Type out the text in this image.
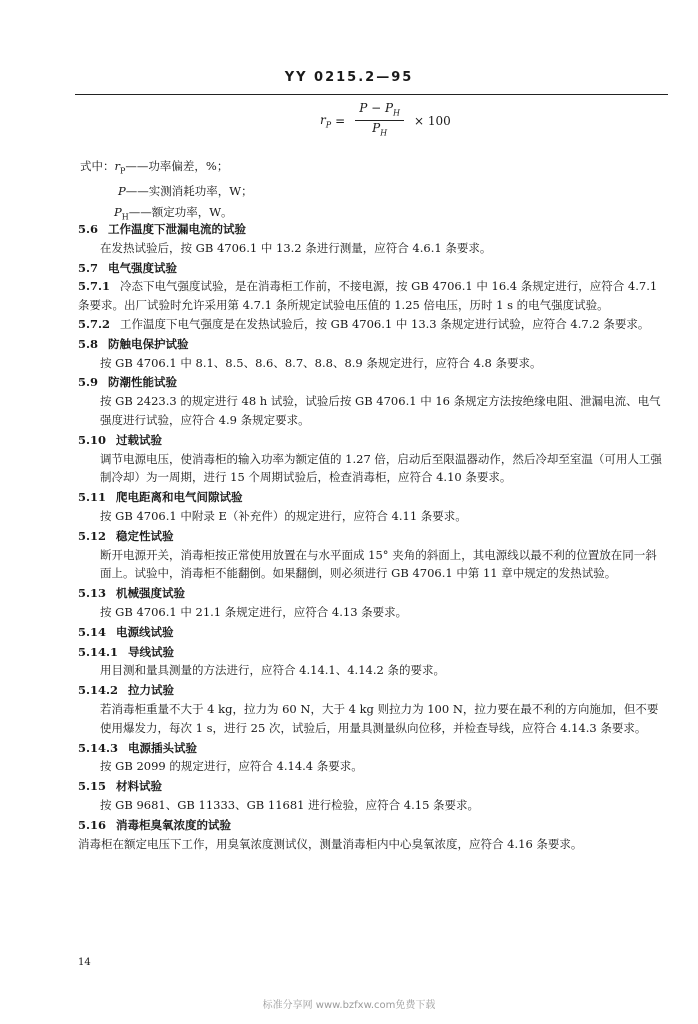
YY 0215.2—95
$r_P = \frac{P - P_H}{P_H} \times 100$
式中：$r_P——$功率偏差，%；
P——实测消耗功率，W；
$P_H——$额定功率，W。
5.6 工作温度下泄漏电流的试验
在发热试验后，按 GB 4706.1 中 13.2 条进行测量，应符合 4.6.1 条要求。
5.7 电气强度试验
5.7.1 冷态下电气强度试验，是在消毒柜工作前，不接电源，按 GB 4706.1 中 16.4 条规定进行，应符合 4.7.1 条要求。出厂试验时允许采用第 4.7.1 条所规定试验电压值的 1.25 倍电压，历时 1 s 的电气强度试验。
5.7.2 工作温度下电气强度是在发热试验后，按 GB 4706.1 中 13.3 条规定进行试验，应符合 4.7.2 条要求。
5.8 防触电保护试验
按 GB 4706.1 中 8.1、8.5、8.6、8.7、8.8、8.9 条规定进行，应符合 4.8 条要求。
5.9 防潮性能试验
按 GB 2423.3 的规定进行 48 h 试验，试验后按 GB 4706.1 中 16 条规定方法按绝缘电阻、泄漏电流、电气强度进行试验，应符合 4.9 条规定要求。
5.10 过载试验
调节电源电压，使消毒柜的输入功率为额定值的 1.27 倍，启动后至限温器动作，然后冷却至室温（可用人工强制冷却）为一周期，进行 15 个周期试验后，检查消毒柜，应符合 4.10 条要求。
5.11 爬电距离和电气间隙试验
按 GB 4706.1 中附录 E（补充件）的规定进行，应符合 4.11 条要求。
5.12 稳定性试验
断开电源开关，消毒柜按正常使用放置在与水平面成 15° 夹角的斜面上，其电源线以最不利的位置放在同一斜面上。试验中，消毒柜不能翻倒。如果翻倒，则必须进行 GB 4706.1 中第 11 章中规定的发热试验。
5.13 机械强度试验
按 GB 4706.1 中 21.1 条规定进行，应符合 4.13 条要求。
5.14 电源线试验
5.14.1 导线试验
用目测和量具测量的方法进行，应符合 4.14.1、4.14.2 条的要求。
5.14.2 拉力试验
若消毒柜重量不大于 4 kg，拉力为 60 N，大于 4 kg 则拉力为 100 N，拉力要在最不利的方向施加，但不要使用爆发力，每次 1 s，进行 25 次，试验后，用量具测量纵向位移，并检查导线，应符合 4.14.3 条要求。
5.14.3 电源插头试验
按 GB 2099 的规定进行，应符合 4.14.4 条要求。
5.15 材料试验
按 GB 9681、GB 11333、GB 11681 进行检验，应符合 4.15 条要求。
5.16 消毒柜臭氧浓度的试验
消毒柜在额定电压下工作，用臭氧浓度测试仪，测量消毒柜内中心臭氧浓度，应符合 4.16 条要求。
14
标准分享网 www.bzfxw.com免费下载
